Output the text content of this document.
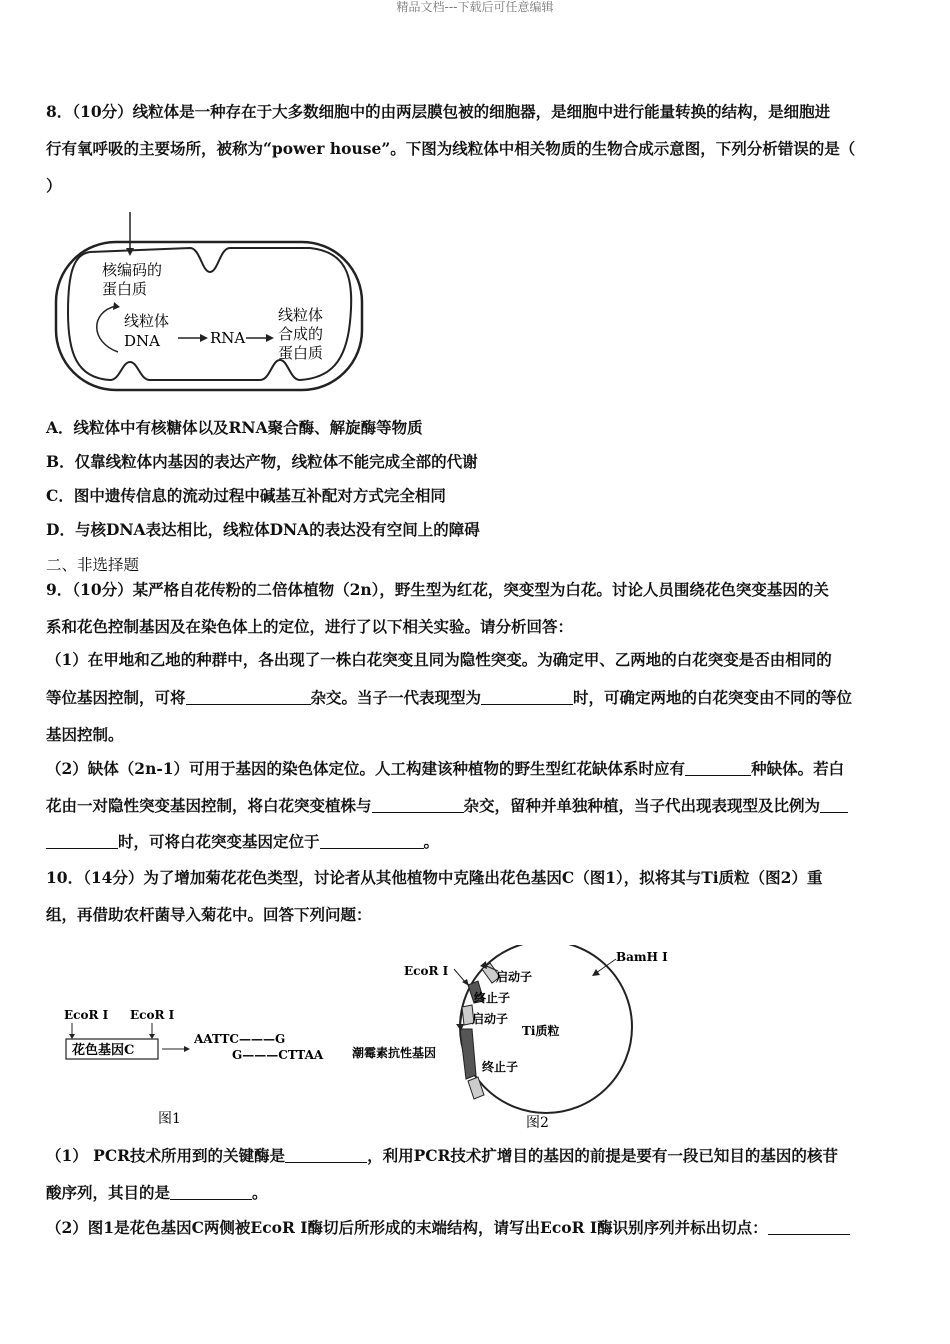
精品文档---下载后可任意编辑
8．（10分）线粒体是一种存在于大多数细胞中的由两层膜包被的细胞器，是细胞中进行能量转换的结构，是细胞进
行有氧呼吸的主要场所，被称为“power house”。下图为线粒体中相关物质的生物合成示意图，下列分析错误的是（
）
核编码的
蛋白质
线粒体
DNA	RNA
线粒体
合成的
蛋白质
A．线粒体中有核糖体以及RNA聚合酶、解旋酶等物质
B．仅靠线粒体内基因的表达产物，线粒体不能完成全部的代谢
C．图中遗传信息的流动过程中碱基互补配对方式完全相同
D．与核DNA表达相比，线粒体DNA的表达没有空间上的障碍
二、非选择题
9．（10分）某严格自花传粉的二倍体植物（2n），野生型为红花，突变型为白花。讨论人员围绕花色突变基因的关
系和花色控制基因及在染色体上的定位，进行了以下相关实验。请分析回答：
（1）在甲地和乙地的种群中，各出现了一株白花突变且同为隐性突变。为确定甲、乙两地的白花突变是否由相同的
等位基因控制，可将	杂交。当子一代表现型为	时，可确定两地的白花突变由不同的等位
基因控制。
（2）缺体（2n-1）可用于基因的染色体定位。人工构建该种植物的野生型红花缺体系时应有	种缺体。若白
花由一对隐性突变基因控制，将白花突变植株与	杂交，留种并单独种植，当子代出现表现型及比例为
时，可将白花突变基因定位于	。
10．（14分）为了增加菊花花色类型，讨论者从其他植物中克隆出花色基因C（图1），拟将其与Ti质粒（图2）重
组，再借助农杆菌导入菊花中。回答下列问题：
EcoR Ⅰ EcoR Ⅰ
花色基因C
AATTC———G
G———CTTAA
图1
EcoR Ⅰ
BamH Ⅰ
启动子
终止子
启动子
Ti质粒
潮霉素抗性基因
终止子
图2
（1） PCR技术所用到的关键酶是	，利用PCR技术扩增目的基因的前提是要有一段已知目的基因的核苷
酸序列，其目的是	。
（2）图1是花色基因C两侧被EcoR I酶切后所形成的末端结构，请写出EcoR I酶识别序列并标出切点：
